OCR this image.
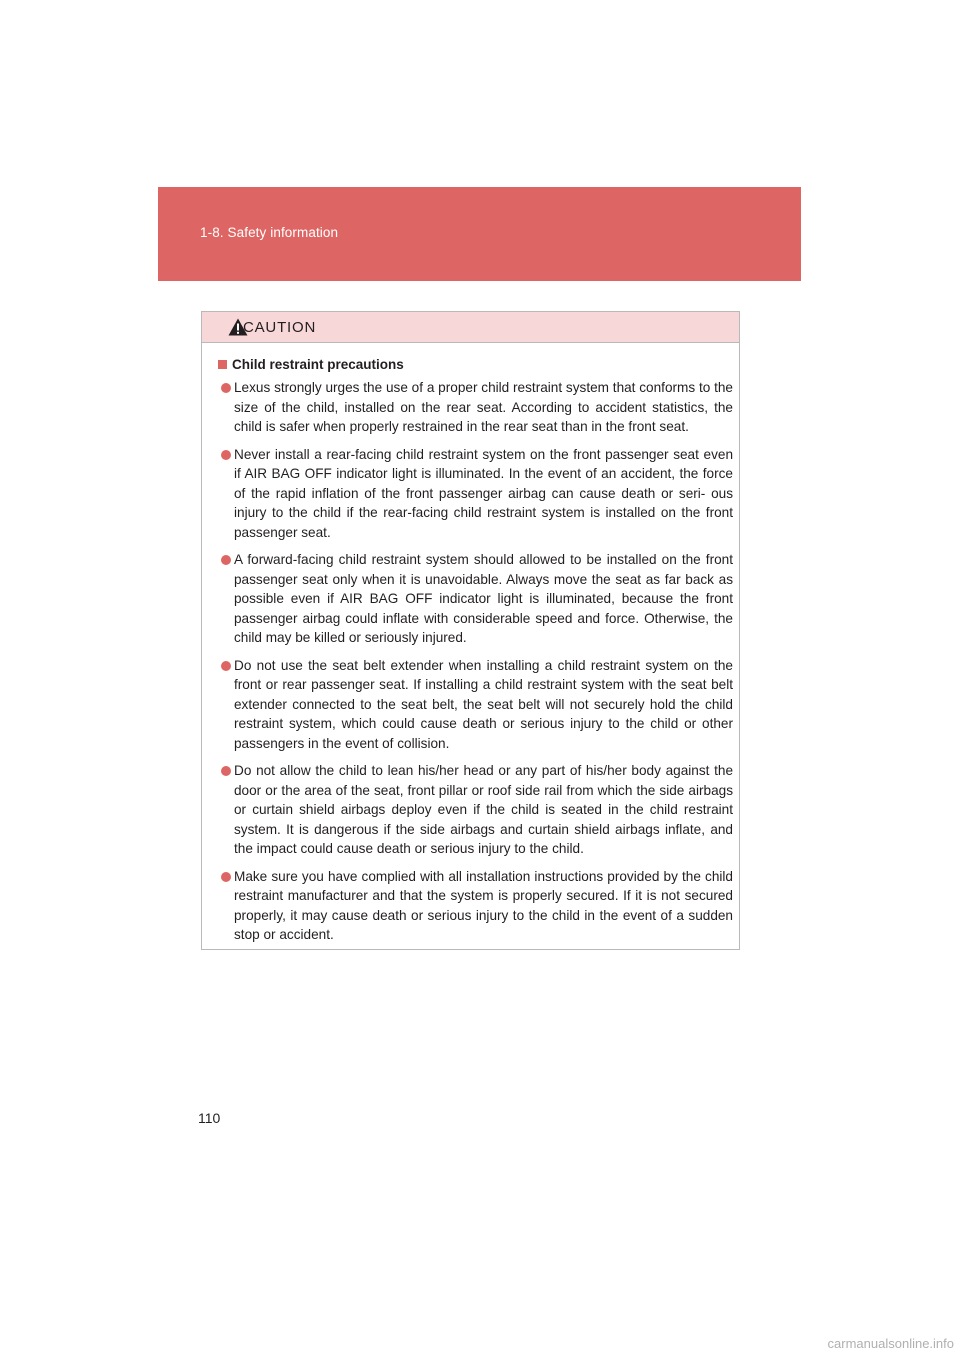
1-8. Safety information
CAUTION
Child restraint precautions
Lexus strongly urges the use of a proper child restraint system that conforms to the size of the child, installed on the rear seat. According to accident statistics, the child is safer when properly restrained in the rear seat than in the front seat.
Never install a rear-facing child restraint system on the front passenger seat even if AIR BAG OFF indicator light is illuminated. In the event of an accident, the force of the rapid inflation of the front passenger airbag can cause death or seri- ous injury to the child if the rear-facing child restraint system is installed on the front passenger seat.
A forward-facing child restraint system should allowed to be installed on the front passenger seat only when it is unavoidable. Always move the seat as far back as possible even if AIR BAG OFF indicator light is illuminated, because the front passenger airbag could inflate with considerable speed and force. Otherwise, the child may be killed or seriously injured.
Do not use the seat belt extender when installing a child restraint system on the front or rear passenger seat. If installing a child restraint system with the seat belt extender connected to the seat belt, the seat belt will not securely hold the child restraint system, which could cause death or serious injury to the child or other passengers in the event of collision.
Do not allow the child to lean his/her head or any part of his/her body against the door or the area of the seat, front pillar or roof side rail from which the side airbags or curtain shield airbags deploy even if the child is seated in the child restraint system. It is dangerous if the side airbags and curtain shield airbags inflate, and the impact could cause death or serious injury to the child.
Make sure you have complied with all installation instructions provided by the child restraint manufacturer and that the system is properly secured. If it is not secured properly, it may cause death or serious injury to the child in the event of a sudden stop or accident.
110
carmanualsonline.info
